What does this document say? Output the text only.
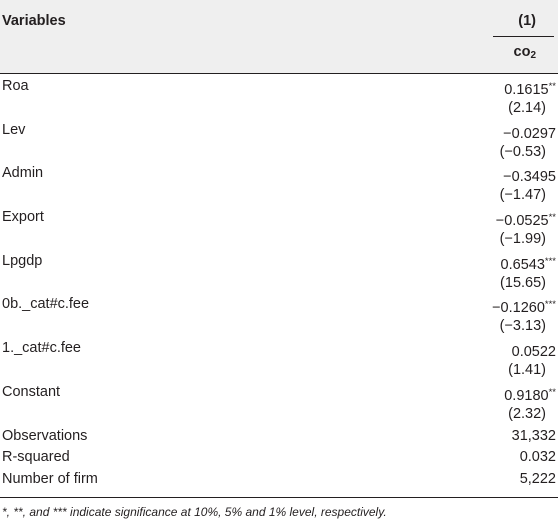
Variables	(1)
$co_2$
Roa	0.1615**
(2.14)
Lev	−0.0297
(−0.53)
Admin	−0.3495
(−1.47)
Export	−0.0525**
(−1.99)
Lpgdp	0.6543***
(15.65)
0b._cat#c.fee	−0.1260***
(−3.13)
1._cat#c.fee	0.0522
(1.41)
Constant	0.9180**
(2.32)
Observations	31,332
R-squared	0.032
Number of firm	5,222
*, **, and *** indicate significance at 10%, 5% and 1% level, respectively.
